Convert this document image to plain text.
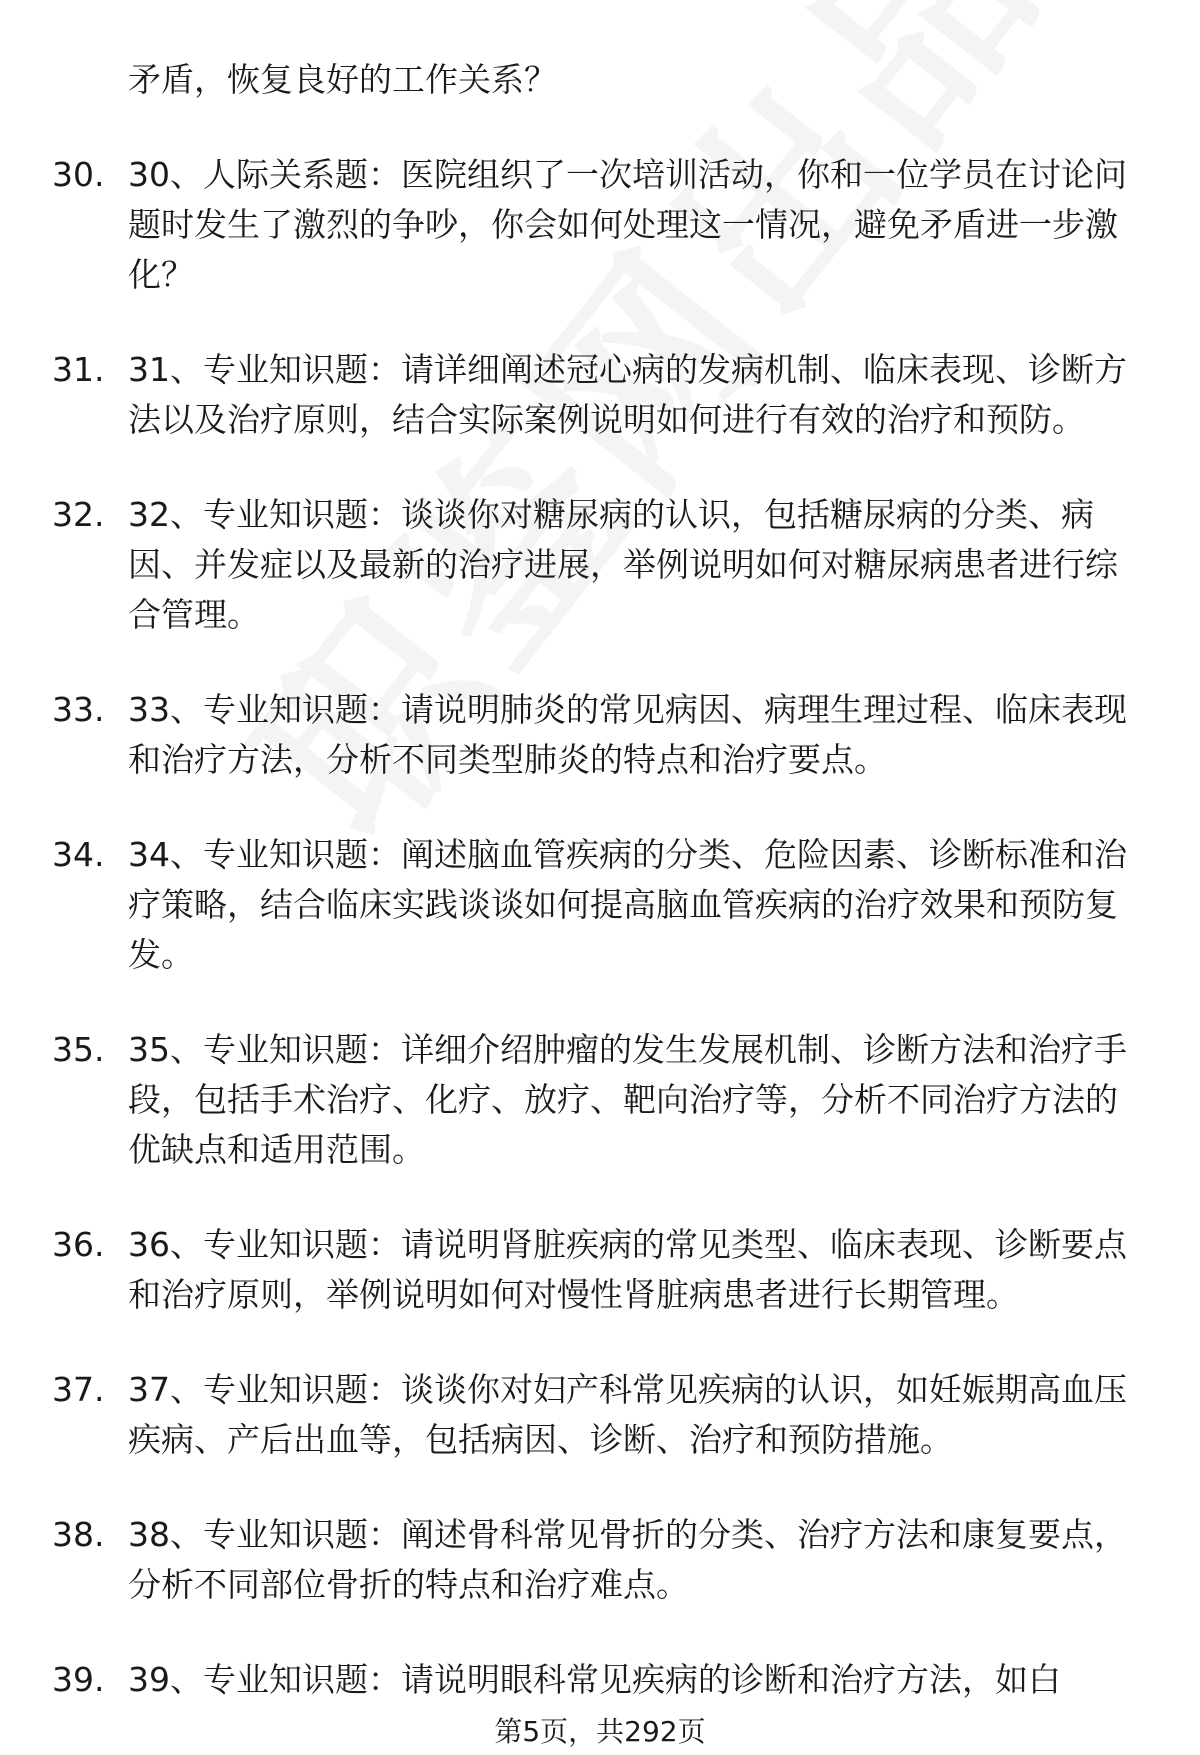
矛盾，恢复良好的工作关系？

30. 30、人际关系题：医院组织了一次培训活动，你和一位学员在讨论问题时发生了激烈的争吵，你会如何处理这一情况，避免矛盾进一步激化？
31. 31、专业知识题：请详细阐述冠心病的发病机制、临床表现、诊断方法以及治疗原则，结合实际案例说明如何进行有效的治疗和预防。
32. 32、专业知识题：谈谈你对糖尿病的认识，包括糖尿病的分类、病因、并发症以及最新的治疗进展，举例说明如何对糖尿病患者进行综合管理。
33. 33、专业知识题：请说明肺炎的常见病因、病理生理过程、临床表现和治疗方法，分析不同类型肺炎的特点和治疗要点。
34. 34、专业知识题：阐述脑血管疾病的分类、危险因素、诊断标准和治疗策略，结合临床实践谈谈如何提高脑血管疾病的治疗效果和预防复发。
35. 35、专业知识题：详细介绍肿瘤的发生发展机制、诊断方法和治疗手段，包括手术治疗、化疗、放疗、靶向治疗等，分析不同治疗方法的优缺点和适用范围。
36. 36、专业知识题：请说明肾脏疾病的常见类型、临床表现、诊断要点和治疗原则，举例说明如何对慢性肾脏病患者进行长期管理。
37. 37、专业知识题：谈谈你对妇产科常见疾病的认识，如妊娠期高血压疾病、产后出血等，包括病因、诊断、治疗和预防措施。
38. 38、专业知识题：阐述骨科常见骨折的分类、治疗方法和康复要点，分析不同部位骨折的特点和治疗难点。
39. 39、专业知识题：请说明眼科常见疾病的诊断和治疗方法，如白
第5页，共292页
